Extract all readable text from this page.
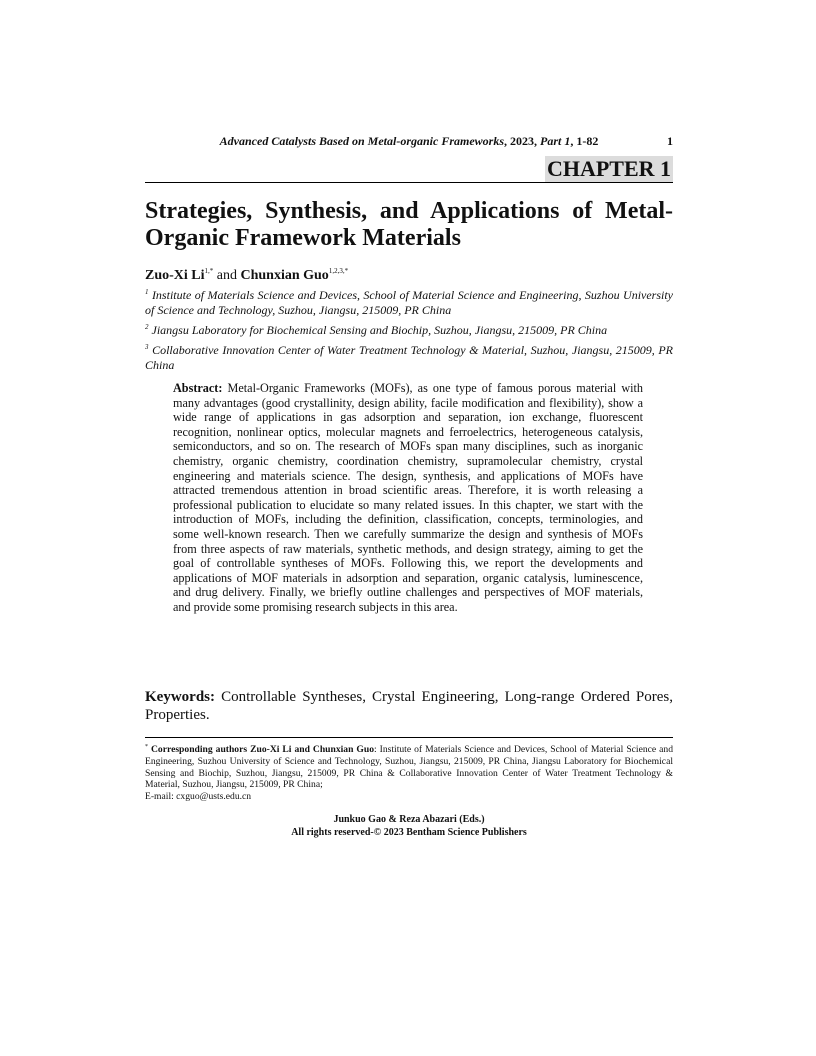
Advanced Catalysts Based on Metal-organic Frameworks, 2023, Part 1, 1-82	1
CHAPTER 1
Strategies, Synthesis, and Applications of Metal-Organic Framework Materials
Zuo-Xi $Li^{1,*}$ and Chunxian Guo$^{1,2,3,*}$
$^1$ Institute of Materials Science and Devices, School of Material Science and Engineering, Suzhou University of Science and Technology, Suzhou, Jiangsu, 215009, PR China
$^2$ Jiangsu Laboratory for Biochemical Sensing and Biochip, Suzhou, Jiangsu, 215009, PR China
$^3$ Collaborative Innovation Center of Water Treatment Technology & Material, Suzhou, Jiangsu, 215009, PR China

Abstract: Metal-Organic Frameworks (MOFs), as one type of famous porous material with many advantages (good crystallinity, design ability, facile modification and flexibility), show a wide range of applications in gas adsorption and separation, ion exchange, fluorescent recognition, nonlinear optics, molecular magnets and ferroelectrics, heterogeneous catalysis, semiconductors, and so on. The research of MOFs span many disciplines, such as inorganic chemistry, organic chemistry, coordination chemistry, supramolecular chemistry, crystal engineering and materials science. The design, synthesis, and applications of MOFs have attracted tremendous attention in broad scientific areas. Therefore, it is worth releasing a professional publication to elucidate so many related issues. In this chapter, we start with the introduction of MOFs, including the definition, classification, concepts, terminologies, and some well-known research. Then we carefully summarize the design and synthesis of MOFs from three aspects of raw materials, synthetic methods, and design strategy, aiming to get the goal of controllable syntheses of MOFs. Following this, we report the developments and applications of MOF materials in adsorption and separation, organic catalysis, luminescence, and drug delivery. Finally, we briefly outline challenges and perspectives of MOF materials, and provide some promising research subjects in this area.

Keywords: Controllable Syntheses, Crystal Engineering, Long-range Ordered Pores, Properties.

* Corresponding authors Zuo-Xi Li and Chunxian Guo: Institute of Materials Science and Devices, School of Material Science and Engineering, Suzhou University of Science and Technology, Suzhou, Jiangsu, 215009, PR China, Jiangsu Laboratory for Biochemical Sensing and Biochip, Suzhou, Jiangsu, 215009, PR China & Collaborative Innovation Center of Water Treatment Technology & Material, Suzhou, Jiangsu, 215009, PR China;
E-mail: cxguo@usts.edu.cn

Junkuo Gao & Reza Abazari (Eds.)
All rights reserved-© 2023 Bentham Science Publishers
